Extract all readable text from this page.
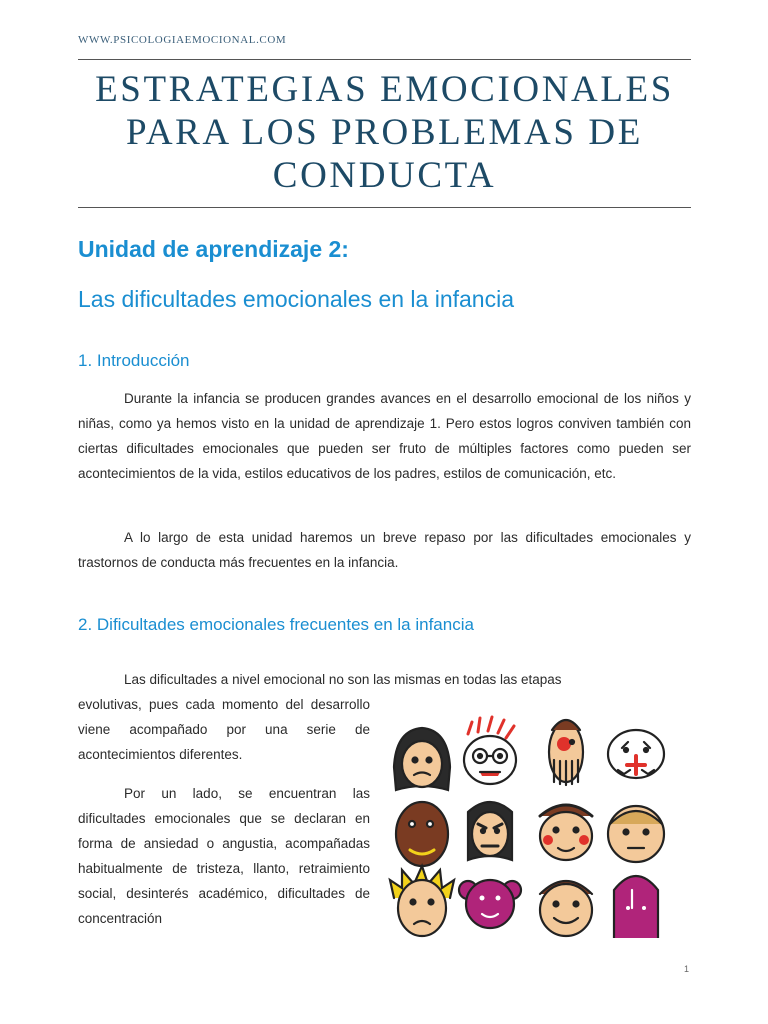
WWW.PSICOLOGIAEMOCIONAL.COM
ESTRATEGIAS EMOCIONALES PARA LOS PROBLEMAS DE CONDUCTA
Unidad de aprendizaje 2:
Las dificultades emocionales en la infancia
1. Introducción

Durante la infancia se producen grandes avances en el desarrollo emocional de los niños y niñas, como ya hemos visto en la unidad de aprendizaje 1. Pero estos logros conviven también con ciertas dificultades emocionales que pueden ser fruto de múltiples factores como pueden ser acontecimientos de la vida, estilos educativos de los padres, estilos de comunicación, etc.

A lo largo de esta unidad haremos un breve repaso por las dificultades emocionales y trastornos de conducta más frecuentes en la infancia.

2. Dificultades emocionales frecuentes en la infancia

Las dificultades a nivel emocional no son las mismas en todas las etapas

evolutivas, pues cada momento del desarrollo viene acompañado por una serie de acontecimientos diferentes.

Por un lado, se encuentran las dificultades emocionales que se declaran en forma de ansiedad o angustia, acompañadas habitualmente de tristeza, llanto, retraimiento social, desinterés académico, dificultades de concentración

1
